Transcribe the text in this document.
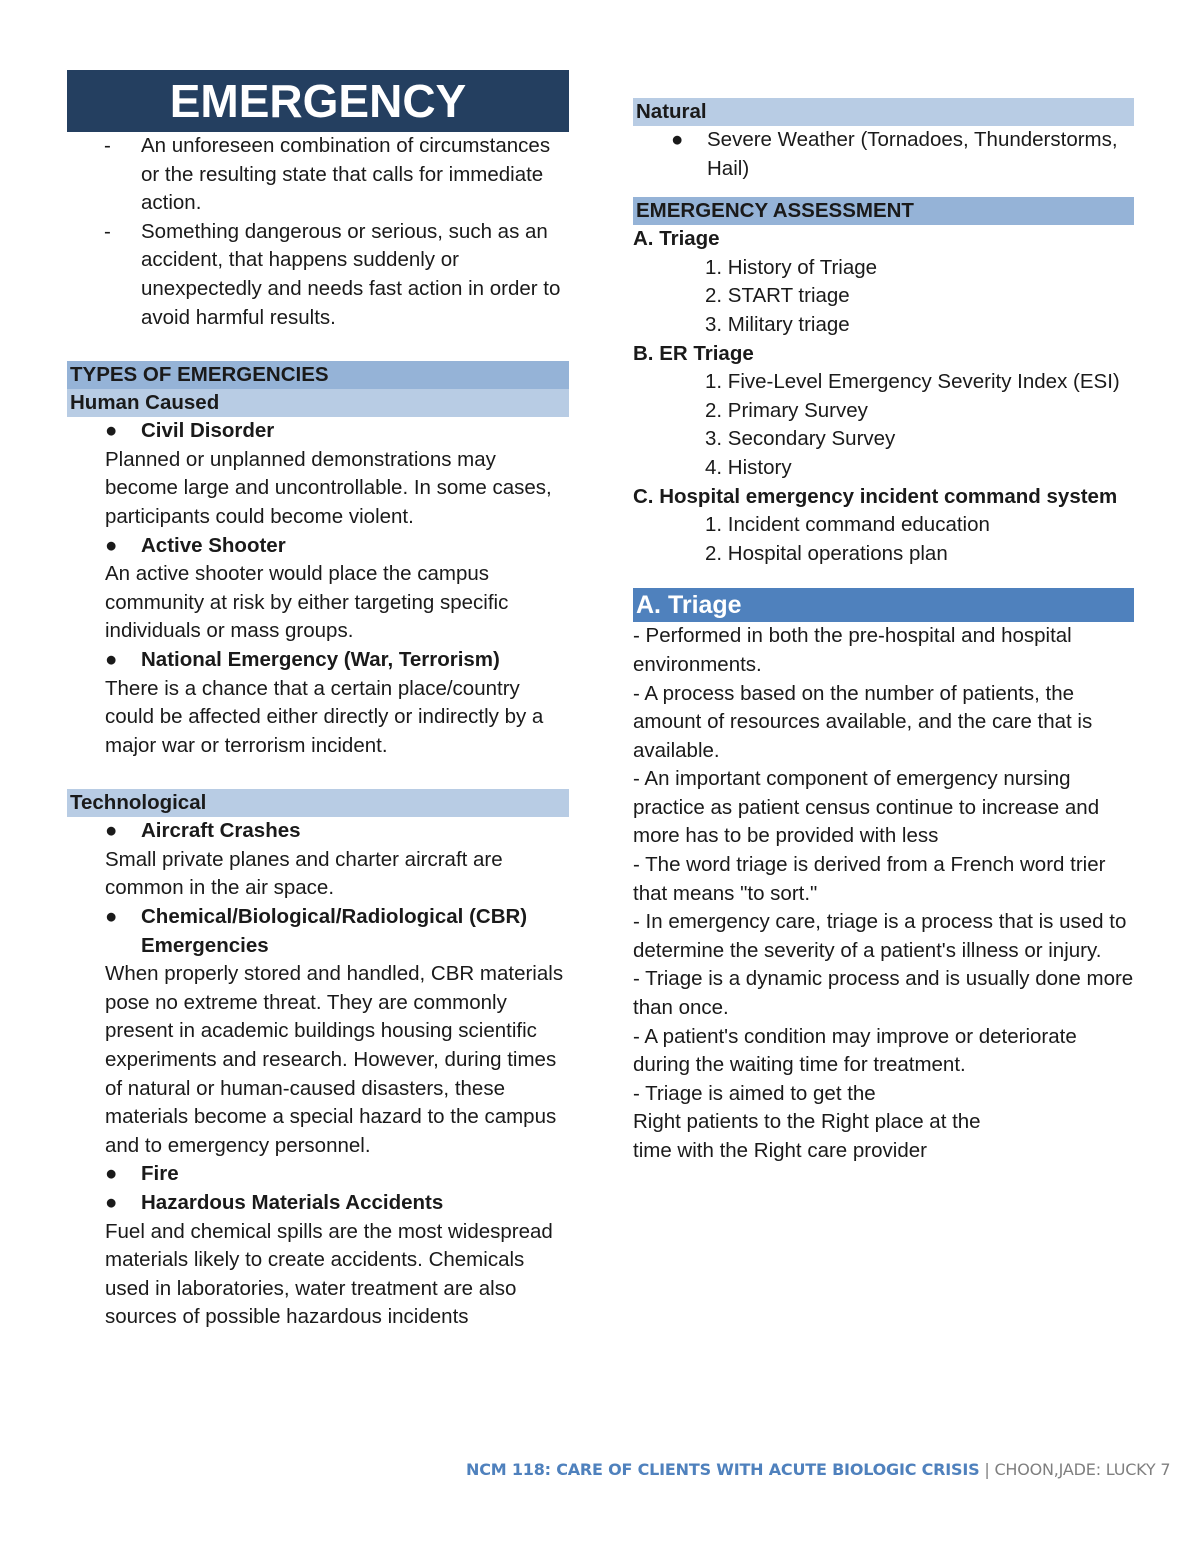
EMERGENCY
- An unforeseen combination of circumstances or the resulting state that calls for immediate action.
- Something dangerous or serious, such as an accident, that happens suddenly or unexpectedly and needs fast action in order to avoid harmful results.
TYPES OF EMERGENCIES
Human Caused
● Civil Disorder
Planned or unplanned demonstrations may become large and uncontrollable. In some cases, participants could become violent.
● Active Shooter
An active shooter would place the campus community at risk by either targeting specific individuals or mass groups.
● National Emergency (War, Terrorism)
There is a chance that a certain place/country could be affected either directly or indirectly by a major war or terrorism incident.
Technological
● Aircraft Crashes
Small private planes and charter aircraft are common in the air space.
● Chemical/Biological/Radiological (CBR) Emergencies
When properly stored and handled, CBR materials pose no extreme threat. They are commonly present in academic buildings housing scientific experiments and research. However, during times of natural or human-caused disasters, these materials become a special hazard to the campus and to emergency personnel.
● Fire
● Hazardous Materials Accidents
Fuel and chemical spills are the most widespread materials likely to create accidents. Chemicals used in laboratories, water treatment are also sources of possible hazardous incidents
Natural
● Severe Weather (Tornadoes, Thunderstorms, Hail)
EMERGENCY ASSESSMENT
A. Triage
1. History of Triage
2. START triage
3. Military triage
B. ER Triage
1. Five-Level Emergency Severity Index (ESI)
2. Primary Survey
3. Secondary Survey
4. History
C. Hospital emergency incident command system
1. Incident command education
2. Hospital operations plan
A. Triage
- Performed in both the pre-hospital and hospital environments.
- A process based on the number of patients, the amount of resources available, and the care that is available.
- An important component of emergency nursing practice as patient census continue to increase and more has to be provided with less
- The word triage is derived from a French word trier that means "to sort."
- In emergency care, triage is a process that is used to determine the severity of a patient's illness or injury.
- Triage is a dynamic process and is usually done more than once.
- A patient's condition may improve or deteriorate during the waiting time for treatment.
- Triage is aimed to get the
Right patients to the Right place at the
time with the Right care provider
NCM 118: CARE OF CLIENTS WITH ACUTE BIOLOGIC CRISIS | CHOON,JADE: LUCKY 7
